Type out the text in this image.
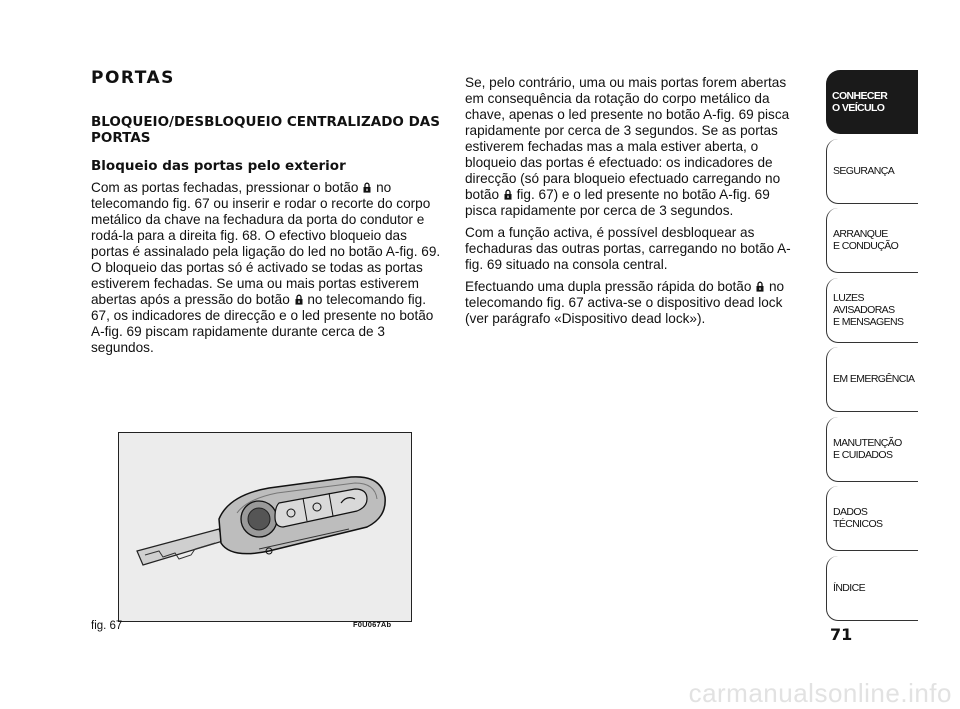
PORTAS
BLOQUEIO/DESBLOQUEIO CENTRALIZADO DAS PORTAS
Bloqueio das portas pelo exterior

Com as portas fechadas, pressionar o botão no telecomando fig. 67 ou inserir e rodar o recorte do corpo metálico da chave na fechadura da porta do condutor e rodá-la para a direita fig. 68. O efectivo bloqueio das portas é assinalado pela ligação do led no botão A-fig. 69. O bloqueio das portas só é activado se todas as portas estiverem fechadas. Se uma ou mais portas estiverem abertas após a pressão do botão no telecomando fig. 67, os indicadores de direcção e o led presente no botão A-fig. 69 piscam rapidamente durante cerca de 3 segundos.

Se, pelo contrário, uma ou mais portas forem abertas em consequência da rotação do corpo metálico da chave, apenas o led presente no botão A-fig. 69 pisca rapidamente por cerca de 3 segundos. Se as portas estiverem fechadas mas a mala estiver aberta, o bloqueio das portas é efectuado: os indicadores de direcção (só para bloqueio efectuado carregando no botão fig. 67) e o led presente no botão A-fig. 69 pisca rapidamente por cerca de 3 segundos.

Com a função activa, é possível desbloquear as fechaduras das outras portas, carregando no botão A-fig. 69 situado na consola central.

Efectuando uma dupla pressão rápida do botão no telecomando fig. 67 activa-se o dispositivo dead lock (ver parágrafo «Dispositivo dead lock»).

fig. 67	F0U067Ab
CONHECER
O VEÍCULO
SEGURANÇA
ARRANQUE
E CONDUÇÃO
LUZES
AVISADORAS
E MENSAGENS
EM EMERGÊNCIA
MANUTENÇÃO
E CUIDADOS
DADOS
TÉCNICOS
ÍNDICE
71
carmanualsonline.info
